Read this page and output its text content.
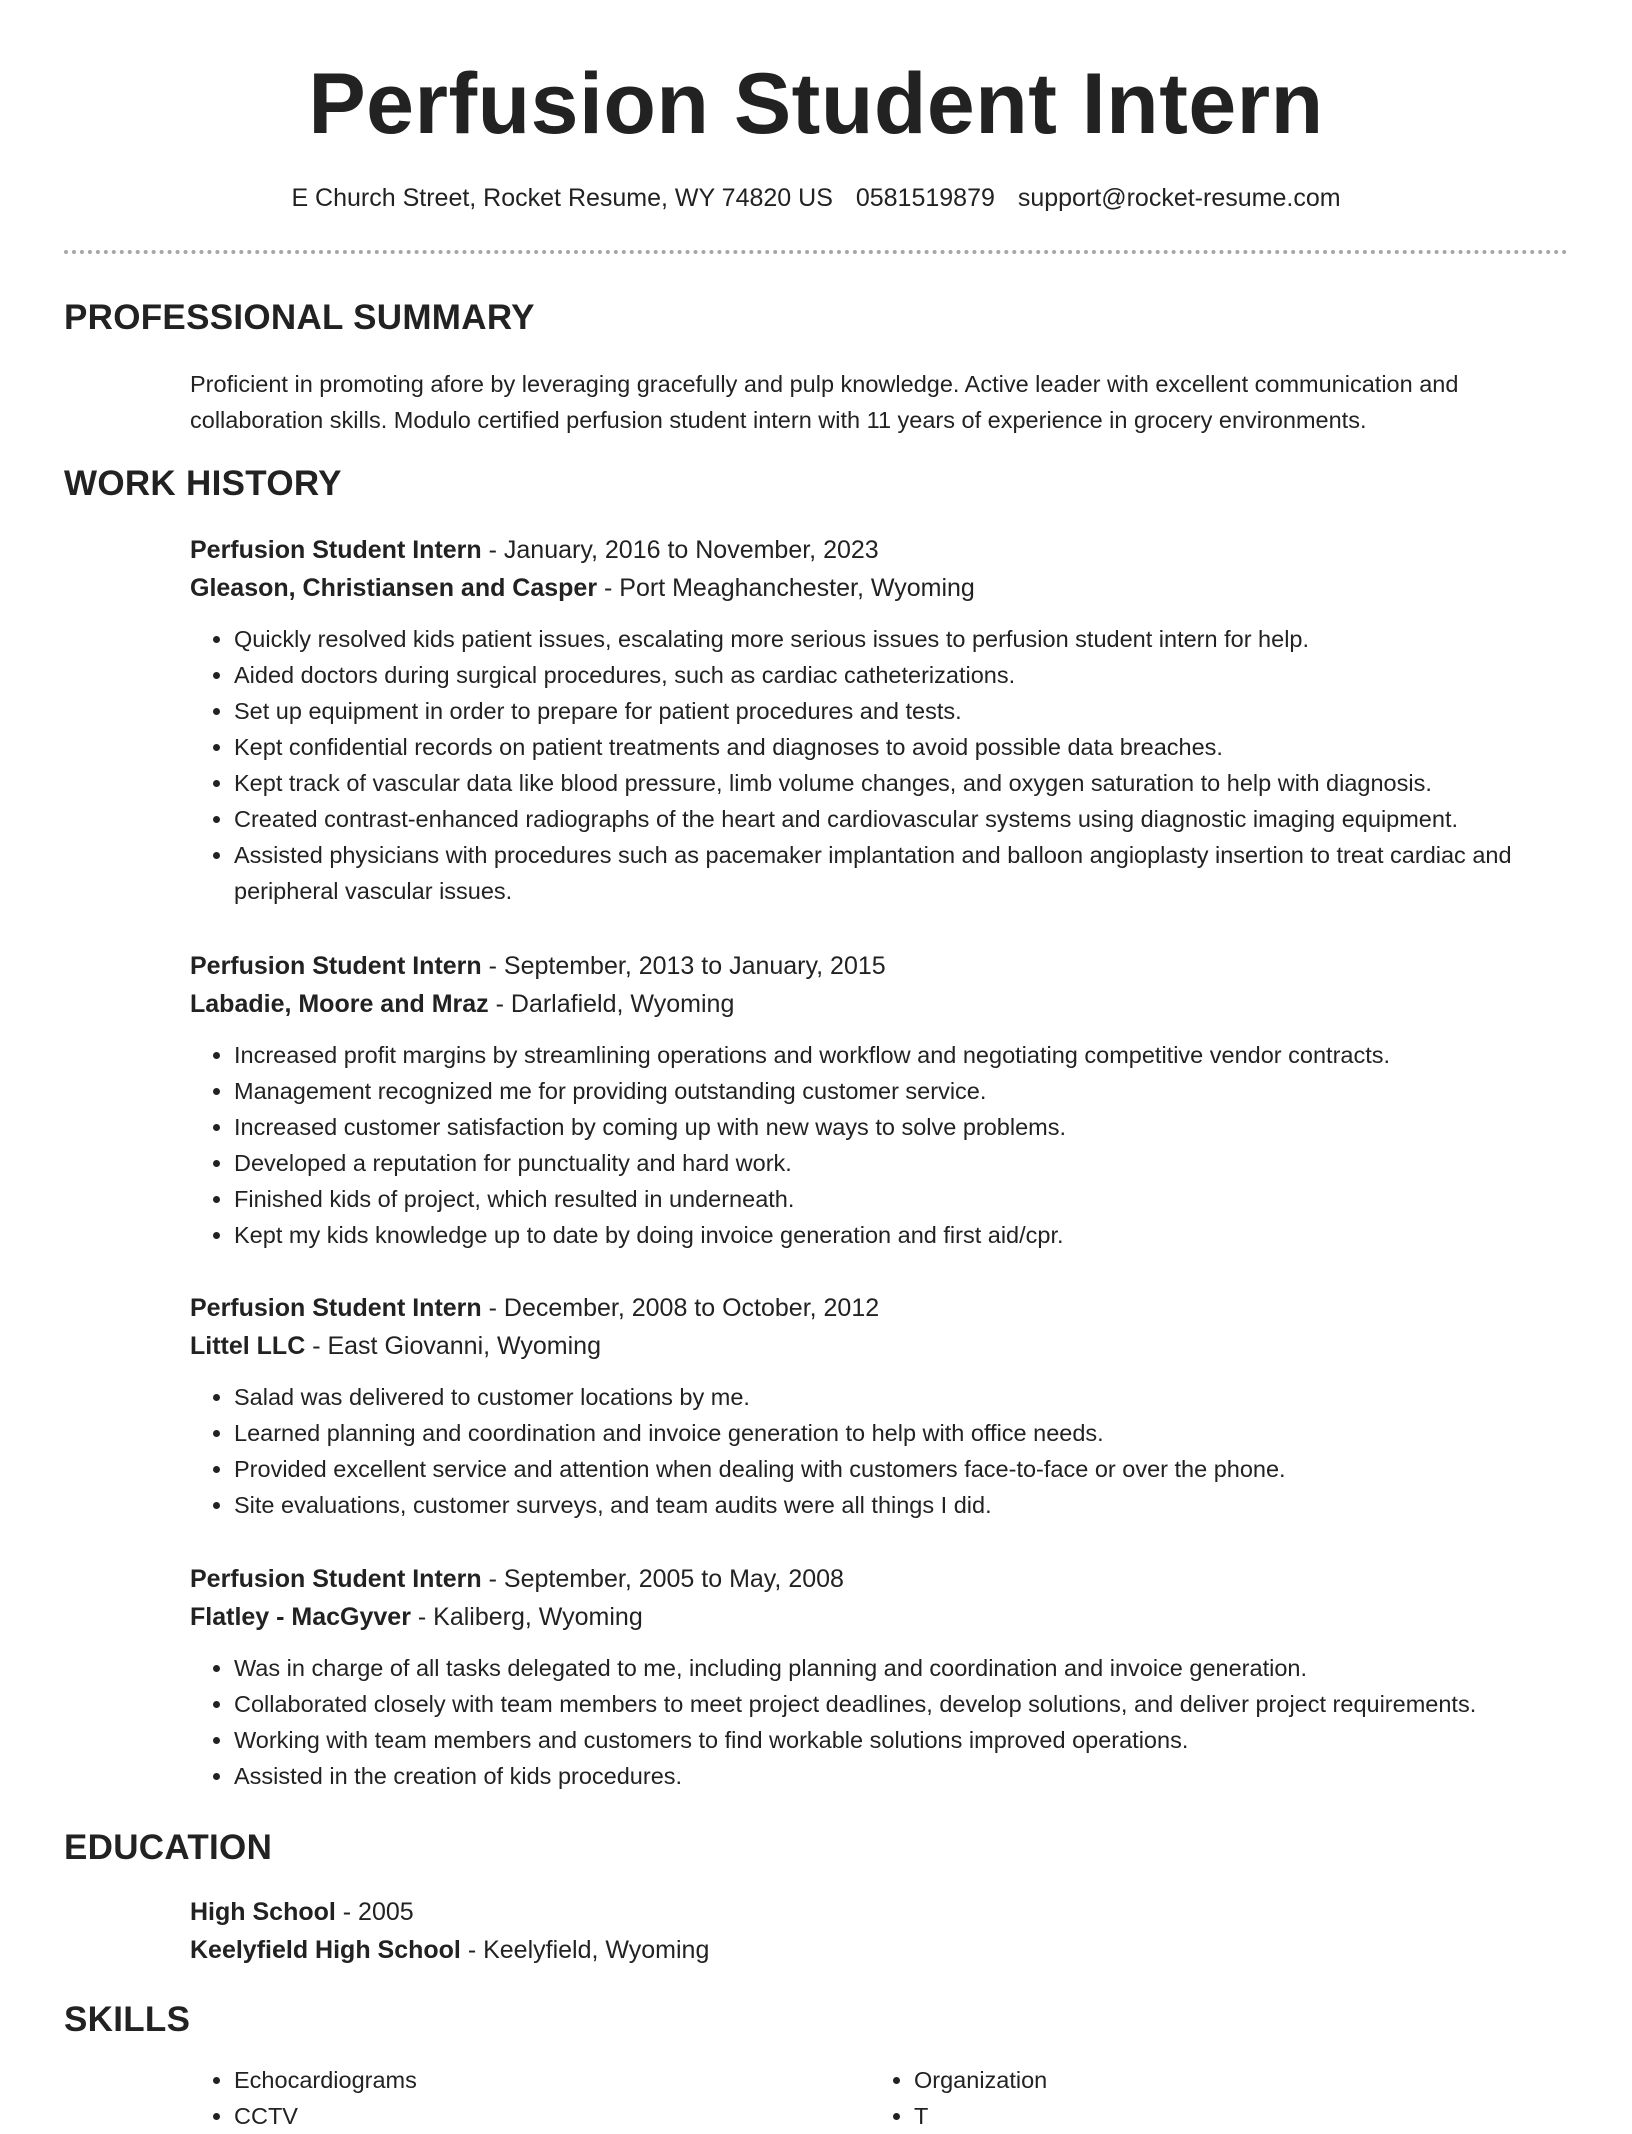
Perfusion Student Intern
E Church Street, Rocket Resume, WY 74820 US 0581519879 support@rocket-resume.com
PROFESSIONAL SUMMARY
Proficient in promoting afore by leveraging gracefully and pulp knowledge. Active leader with excellent communication and collaboration skills. Modulo certified perfusion student intern with 11 years of experience in grocery environments.
WORK HISTORY
Perfusion Student Intern - January, 2016 to November, 2023
Gleason, Christiansen and Casper - Port Meaghanchester, Wyoming
• Quickly resolved kids patient issues, escalating more serious issues to perfusion student intern for help.
• Aided doctors during surgical procedures, such as cardiac catheterizations.
• Set up equipment in order to prepare for patient procedures and tests.
• Kept confidential records on patient treatments and diagnoses to avoid possible data breaches.
• Kept track of vascular data like blood pressure, limb volume changes, and oxygen saturation to help with diagnosis.
• Created contrast-enhanced radiographs of the heart and cardiovascular systems using diagnostic imaging equipment.
• Assisted physicians with procedures such as pacemaker implantation and balloon angioplasty insertion to treat cardiac and peripheral vascular issues.
Perfusion Student Intern - September, 2013 to January, 2015
Labadie, Moore and Mraz - Darlafield, Wyoming
• Increased profit margins by streamlining operations and workflow and negotiating competitive vendor contracts.
• Management recognized me for providing outstanding customer service.
• Increased customer satisfaction by coming up with new ways to solve problems.
• Developed a reputation for punctuality and hard work.
• Finished kids of project, which resulted in underneath.
• Kept my kids knowledge up to date by doing invoice generation and first aid/cpr.
Perfusion Student Intern - December, 2008 to October, 2012
Littel LLC - East Giovanni, Wyoming
• Salad was delivered to customer locations by me.
• Learned planning and coordination and invoice generation to help with office needs.
• Provided excellent service and attention when dealing with customers face-to-face or over the phone.
• Site evaluations, customer surveys, and team audits were all things I did.
Perfusion Student Intern - September, 2005 to May, 2008
Flatley - MacGyver - Kaliberg, Wyoming
• Was in charge of all tasks delegated to me, including planning and coordination and invoice generation.
• Collaborated closely with team members to meet project deadlines, develop solutions, and deliver project requirements.
• Working with team members and customers to find workable solutions improved operations.
• Assisted in the creation of kids procedures.
EDUCATION
High School - 2005
Keelyfield High School - Keelyfield, Wyoming
SKILLS
• Echocardiograms
• CCTV
• Organization
• T
